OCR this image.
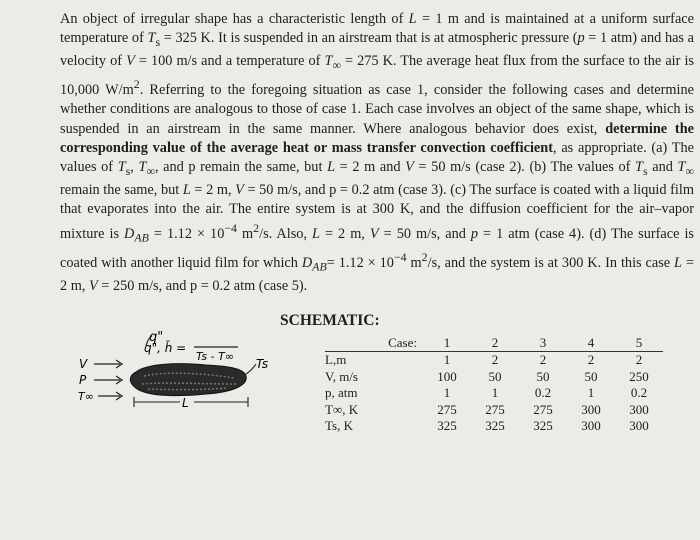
An object of irregular shape has a characteristic length of L = 1 m and is maintained at a uniform surface temperature of $T_s = 325$ K. It is suspended in an airstream that is at atmospheric pressure (p = 1 atm) and has a velocity of V = 100 m/s and a temperature of $T_\infty = 275$ K. The average heat flux from the surface to the air is 10,000 $W/m^2$. Referring to the foregoing situation as case 1, consider the following cases and determine whether conditions are analogous to those of case 1. Each case involves an object of the same shape, which is suspended in an airstream in the same manner. Where analogous behavior does exist, determine the corresponding value of the average heat or mass transfer convection coefficient, as appropriate. (a) The values of $T_s$, $T_\infty$, and p remain the same, but L = 2 m and V = 50 m/s (case 2). (b) The values of $T_s$ and $T_\infty$ remain the same, but L = 2 m, V = 50 m/s, and p = 0.2 atm (case 3). (c) The surface is coated with a liquid film that evaporates into the air. The entire system is at 300 K, and the diffusion coefficient for the air–vapor mixture is $D_{AB} = 1.12 \times 10^{-4}$ $m^2/s$. Also, L = 2 m, V = 50 m/s, and p = 1 atm (case 4). (d) The surface is coated with another liquid film for which $D_{AB}= 1.12 \times 10^{-4}$ $m^2/s$, and the system is at 300 K. In this case L = 2 m, V = 250 m/s, and p = 0.2 atm (case 5).
SCHEMATIC:
q"
q", h̄ =
Ts - T∞
Ts
V
P
T∞	L
Case:	1	2	3	4	5
L,m	1	2	2	2	2
V, m/s	100	50	50	50	250
p, atm	1	1	0.2	1	0.2
T∞, K	275	275	275	300	300
Ts, K	325	325	325	300	300
